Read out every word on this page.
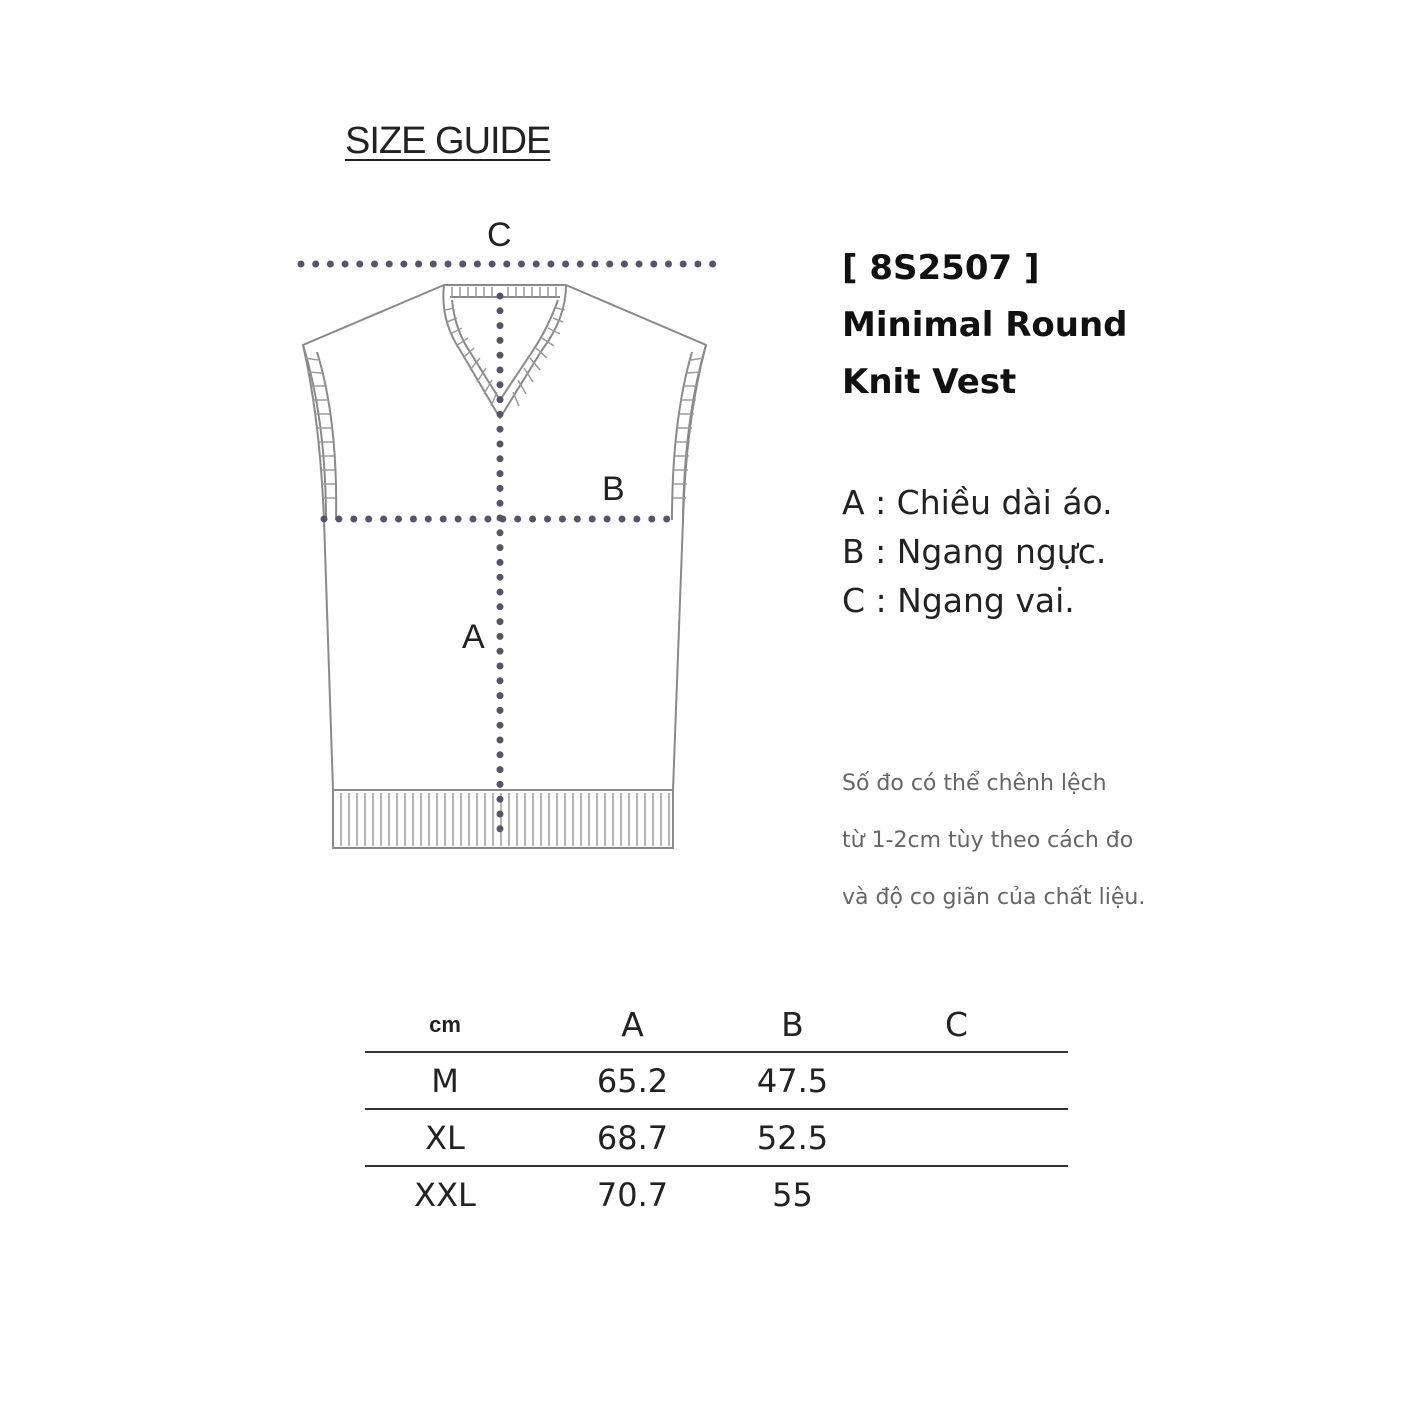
SIZE GUIDE
C
B
A
[ 8S2507 ]
Minimal Round
Knit Vest
A : Chiều dài áo.
B : Ngang ngực.
C : Ngang vai.
Số đo có thể chênh lệch
từ 1-2cm tùy theo cách đo
và độ co giãn của chất liệu.
cm	A	B	C
M	65.2	47.5	
XL	68.7	52.5	
XXL	70.7	55	
